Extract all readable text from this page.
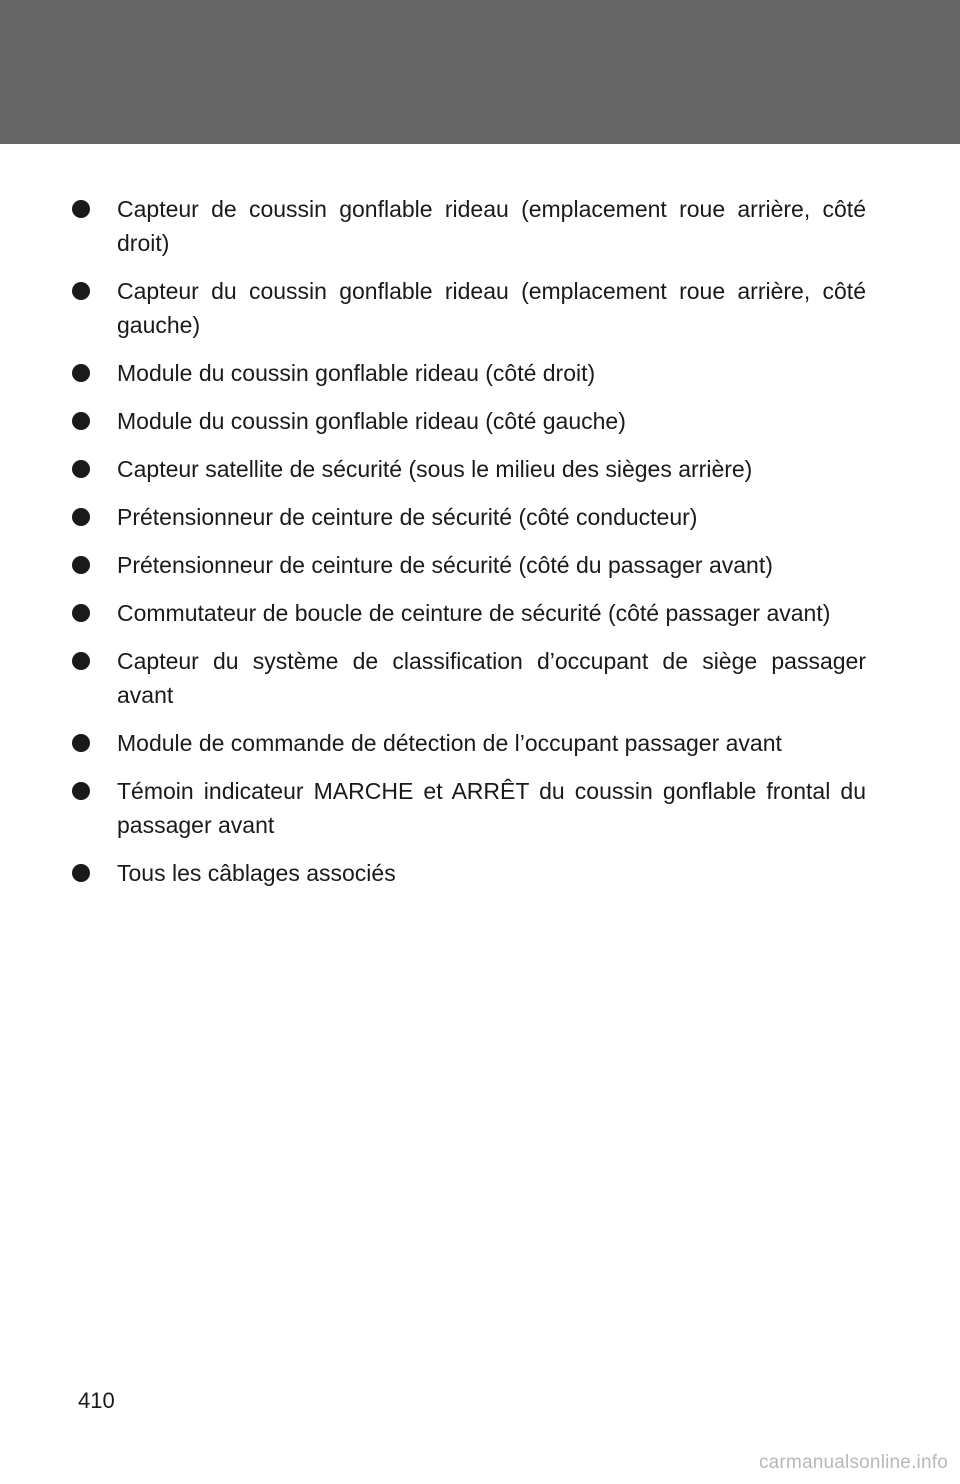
Capteur de coussin gonflable rideau (emplacement roue arrière, côté droit)
Capteur du coussin gonflable rideau (emplacement roue arrière, côté gauche)
Module du coussin gonflable rideau (côté droit)
Module du coussin gonflable rideau (côté gauche)
Capteur satellite de sécurité (sous le milieu des sièges arrière)
Prétensionneur de ceinture de sécurité (côté conducteur)
Prétensionneur de ceinture de sécurité (côté du passager avant)
Commutateur de boucle de ceinture de sécurité (côté passager avant)
Capteur du système de classification d’occupant de siège passager avant
Module de commande de détection de l’occupant passager avant
Témoin indicateur MARCHE et ARRÊT du coussin gonflable frontal du passager avant
Tous les câblages associés
410
carmanualsonline.info
